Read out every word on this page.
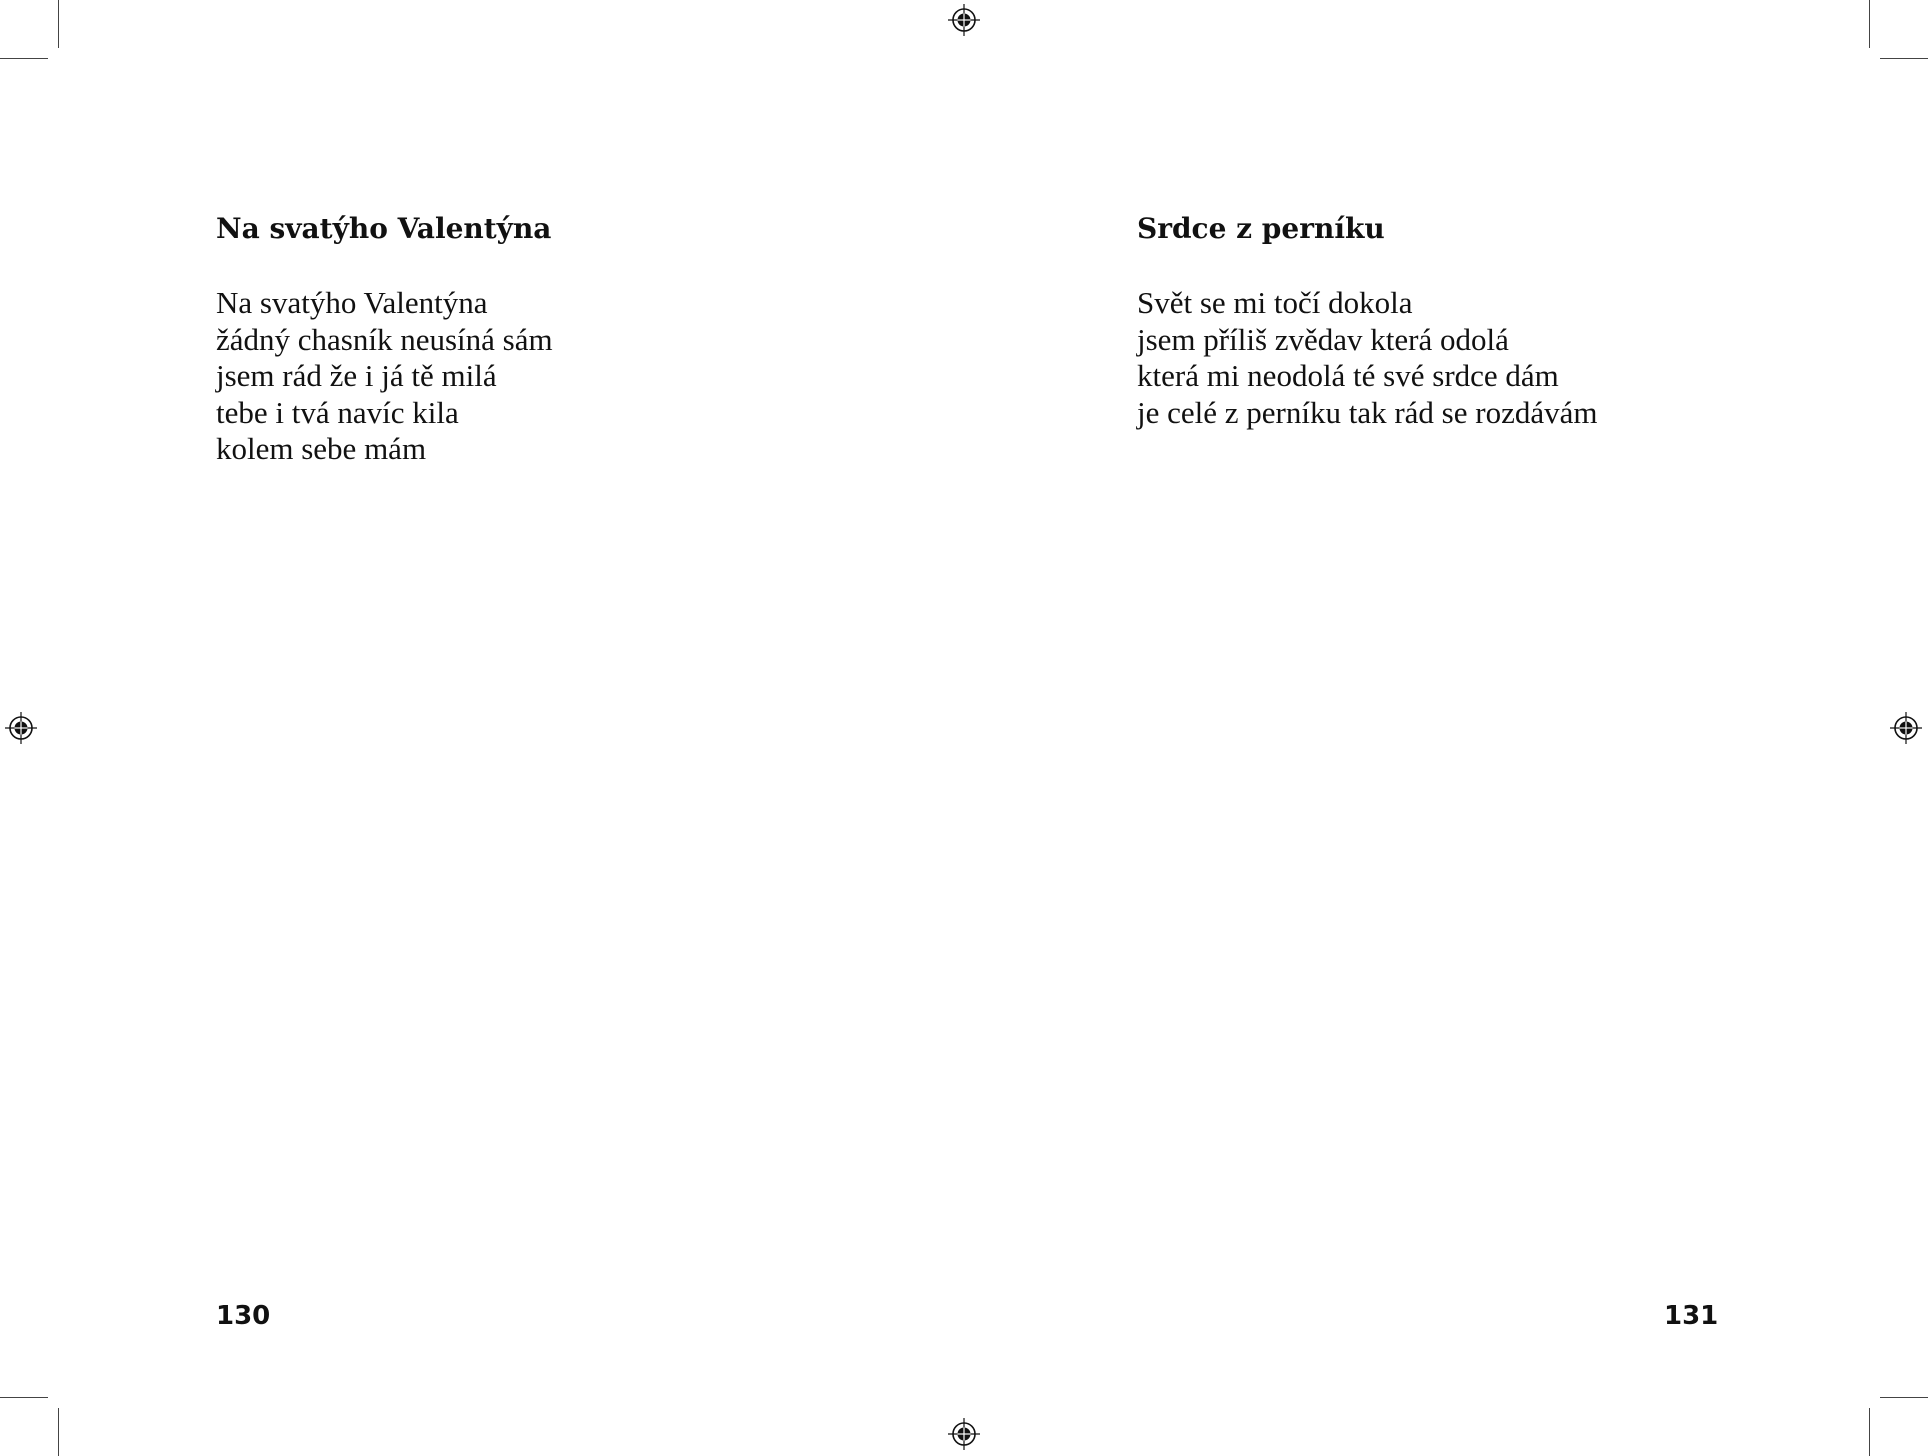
Na svatýho Valentýna
Na svatýho Valentýna
žádný chasník neusíná sám
jsem rád že i já tě milá
tebe i tvá navíc kila
kolem sebe mám
130
Srdce z perníku
Svět se mi točí dokola
jsem příliš zvědav která odolá
která mi neodolá té své srdce dám
je celé z perníku tak rád se rozdávám
131
